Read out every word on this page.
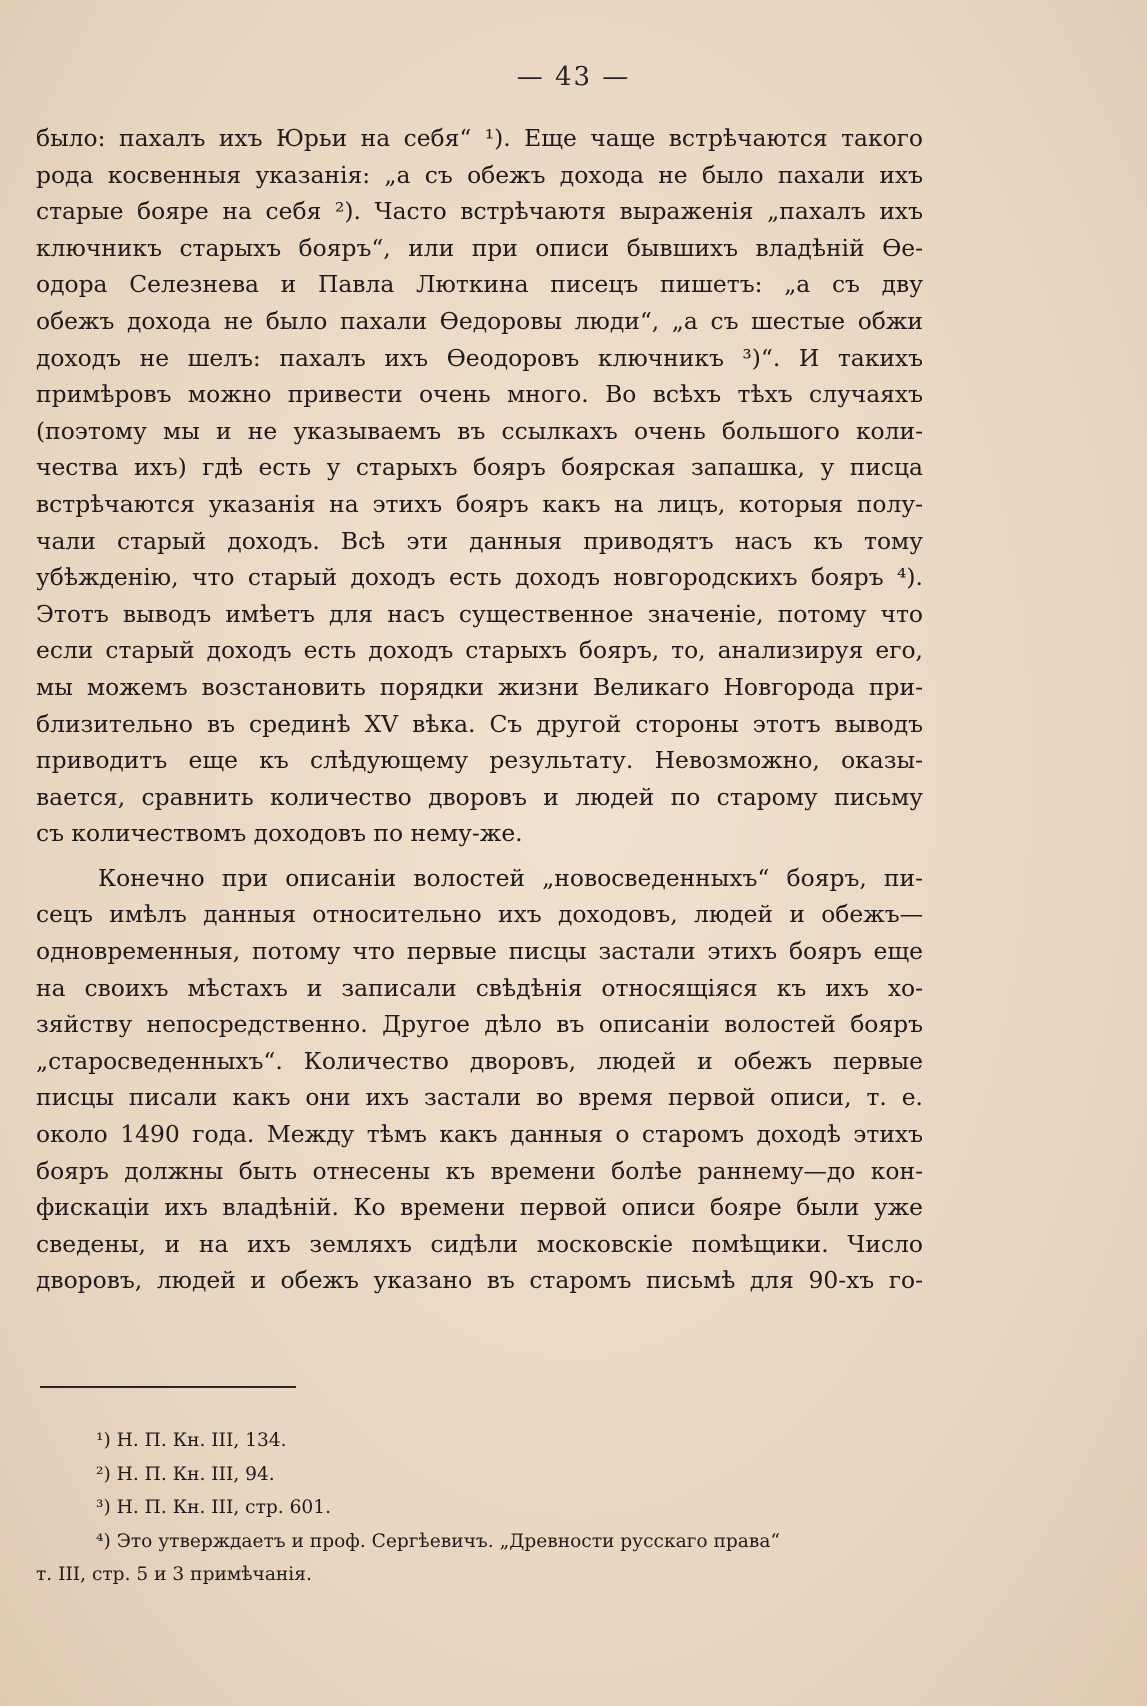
— 43 —

было: пахалъ ихъ Юрьи на себя“ ¹). Еще чаще встрѣчаются такого

рода косвенныя указанія: „а съ обежъ дохода не было пахали ихъ

старые бояре на себя ²). Часто встрѣчаютя выраженія „пахалъ ихъ

ключникъ старыхъ бояръ“, или при описи бывшихъ владѣній Ѳе-

одора Селезнева и Павла Люткина писецъ пишетъ: „а съ дву

обежъ дохода не было пахали Ѳедоровы люди“, „а съ шестые обжи

доходъ не шелъ: пахалъ ихъ Ѳеодоровъ ключникъ ³)“. И такихъ

примѣровъ можно привести очень много. Во всѣхъ тѣхъ случаяхъ

(поэтому мы и не указываемъ въ ссылкахъ очень большого коли-

чества ихъ) гдѣ есть у старыхъ бояръ боярская запашка, у писца

встрѣчаются указанія на этихъ бояръ какъ на лицъ, которыя полу-

чали старый доходъ. Всѣ эти данныя приводятъ насъ къ тому

убѣжденію, что старый доходъ есть доходъ новгородскихъ бояръ ⁴).

Этотъ выводъ имѣетъ для насъ существенное значеніе, потому что

если старый доходъ есть доходъ старыхъ бояръ, то, анализируя его,

мы можемъ возстановить порядки жизни Великаго Новгорода при-

близительно въ срединѣ XV вѣка. Съ другой стороны этотъ выводъ

приводитъ еще къ слѣдующему результату. Невозможно, оказы-

вается, сравнить количество дворовъ и людей по старому письму

съ количествомъ доходовъ по нему-же.

Конечно при описаніи волостей „новосведенныхъ“ бояръ, пи-

сецъ имѣлъ данныя относительно ихъ доходовъ, людей и обежъ—

одновременныя, потому что первые писцы застали этихъ бояръ еще

на своихъ мѣстахъ и записали свѣдѣнія относящіяся къ ихъ хо-

зяйству непосредственно. Другое дѣло въ описаніи волостей бояръ

„старосведенныхъ“. Количество дворовъ, людей и обежъ первые

писцы писали какъ они ихъ застали во время первой описи, т. е.

около 1490 года. Между тѣмъ какъ данныя о старомъ доходѣ этихъ

бояръ должны быть отнесены къ времени болѣе раннему—до кон-

фискаціи ихъ владѣній. Ко времени первой описи бояре были уже

сведены, и на ихъ земляхъ сидѣли московскіе помѣщики. Число

дворовъ, людей и обежъ указано въ старомъ письмѣ для 90-хъ го-

¹) Н. П. Кн. III, 134.

²) Н. П. Кн. III, 94.

³) Н. П. Кн. III, стр. 601.

⁴) Это утверждаетъ и проф. Сергѣевичъ. „Древности русскаго права“

т. III, стр. 5 и 3 примѣчанія.
